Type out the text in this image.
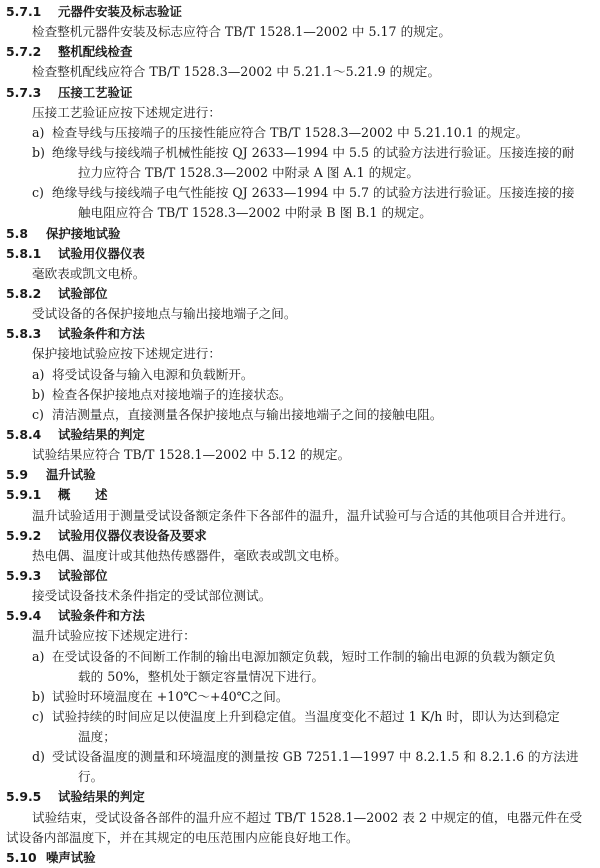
5.7.1 元器件安装及标志验证
检查整机元器件安装及标志应符合 TB/T 1528.1—2002 中 5.17 的规定。
5.7.2 整机配线检查
检查整机配线应符合 TB/T 1528.3—2002 中 5.21.1～5.21.9 的规定。
5.7.3 压接工艺验证
压接工艺验证应按下述规定进行：
a) 检查导线与压接端子的压接性能应符合 TB/T 1528.3—2002 中 5.21.10.1 的规定。
b) 绝缘导线与接线端子机械性能按 QJ 2633—1994 中 5.5 的试验方法进行验证。压接连接的耐
拉力应符合 TB/T 1528.3—2002 中附录 A 图 A.1 的规定。
c) 绝缘导线与接线端子电气性能按 QJ 2633—1994 中 5.7 的试验方法进行验证。压接连接的接
触电阻应符合 TB/T 1528.3—2002 中附录 B 图 B.1 的规定。
5.8 保护接地试验
5.8.1 试验用仪器仪表
毫欧表或凯文电桥。
5.8.2 试验部位
受试设备的各保护接地点与输出接地端子之间。
5.8.3 试验条件和方法
保护接地试验应按下述规定进行：
a) 将受试设备与输入电源和负载断开。
b) 检查各保护接地点对接地端子的连接状态。
c) 清洁测量点，直接测量各保护接地点与输出接地端子之间的接触电阻。
5.8.4 试验结果的判定
试验结果应符合 TB/T 1528.1—2002 中 5.12 的规定。
5.9 温升试验
5.9.1 概　　述
温升试验适用于测量受试设备额定条件下各部件的温升，温升试验可与合适的其他项目合并进行。
5.9.2 试验用仪器仪表设备及要求
热电偶、温度计或其他热传感器件，毫欧表或凯文电桥。
5.9.3 试验部位
接受试设备技术条件指定的受试部位测试。
5.9.4 试验条件和方法
温升试验应按下述规定进行：
a) 在受试设备的不间断工作制的输出电源加额定负载，短时工作制的输出电源的负载为额定负
载的 50%，整机处于额定容量情况下进行。
b) 试验时环境温度在 +10℃～+40℃之间。
c) 试验持续的时间应足以使温度上升到稳定值。当温度变化不超过 1 K/h 时，即认为达到稳定
温度；
d) 受试设备温度的测量和环境温度的测量按 GB 7251.1—1997 中 8.2.1.5 和 8.2.1.6 的方法进
行。
5.9.5 试验结果的判定
试验结束，受试设备各部件的温升应不超过 TB/T 1528.1—2002 表 2 中规定的值，电器元件在受
试设备内部温度下，并在其规定的电压范围内应能良好地工作。
5.10 噪声试验
